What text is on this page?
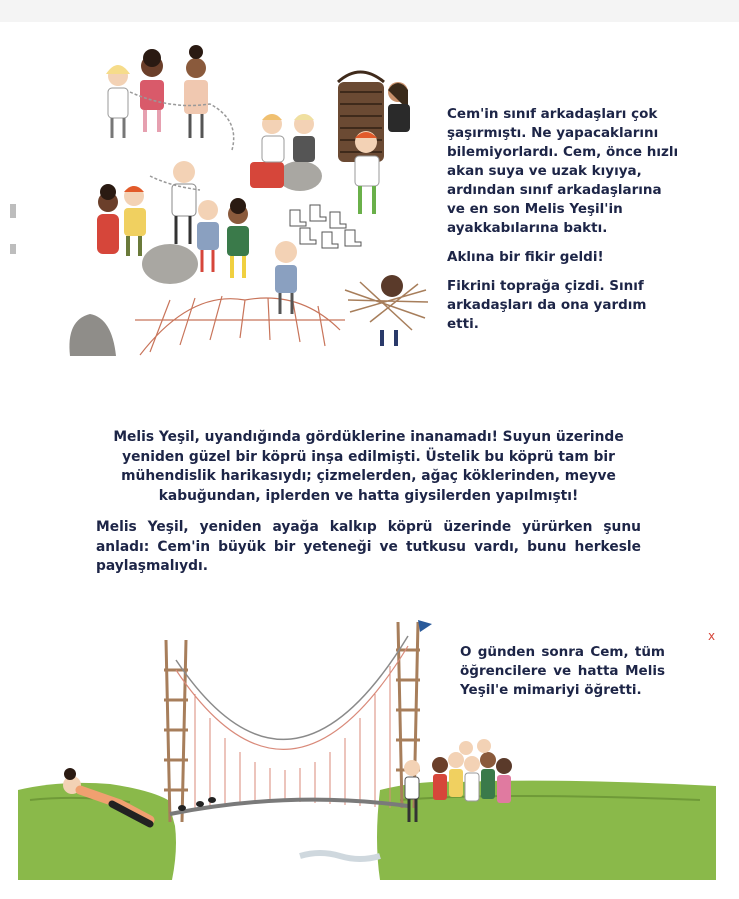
x

Cem'in sınıf arkadaşları çok şaşırmıştı. Ne yapacaklarını bilemiyorlardı. Cem, önce hızlı akan suya ve uzak kıyıya, ardından sınıf arkadaşlarına ve en son Melis Yeşil'in ayakkabılarına baktı.

Aklına bir fikir geldi!

Fikrini toprağa çizdi. Sınıf arkadaşları da ona yardım etti.

Melis Yeşil, uyandığında gördüklerine inanamadı! Suyun üzerinde yeniden güzel bir köprü inşa edilmişti. Üstelik bu köprü tam bir mühendislik harikasıydı; çizmelerden, ağaç köklerinden, meyve kabuğundan, iplerden ve hatta giysilerden yapılmıştı!

Melis Yeşil, yeniden ayağa kalkıp köprü üzerinde yürürken şunu anladı: Cem'in büyük bir yeteneği ve tutkusu vardı, bunu herkesle paylaşmalıydı.

O günden sonra Cem, tüm öğrencilere ve hatta Melis Yeşil'e mimariyi öğretti.
